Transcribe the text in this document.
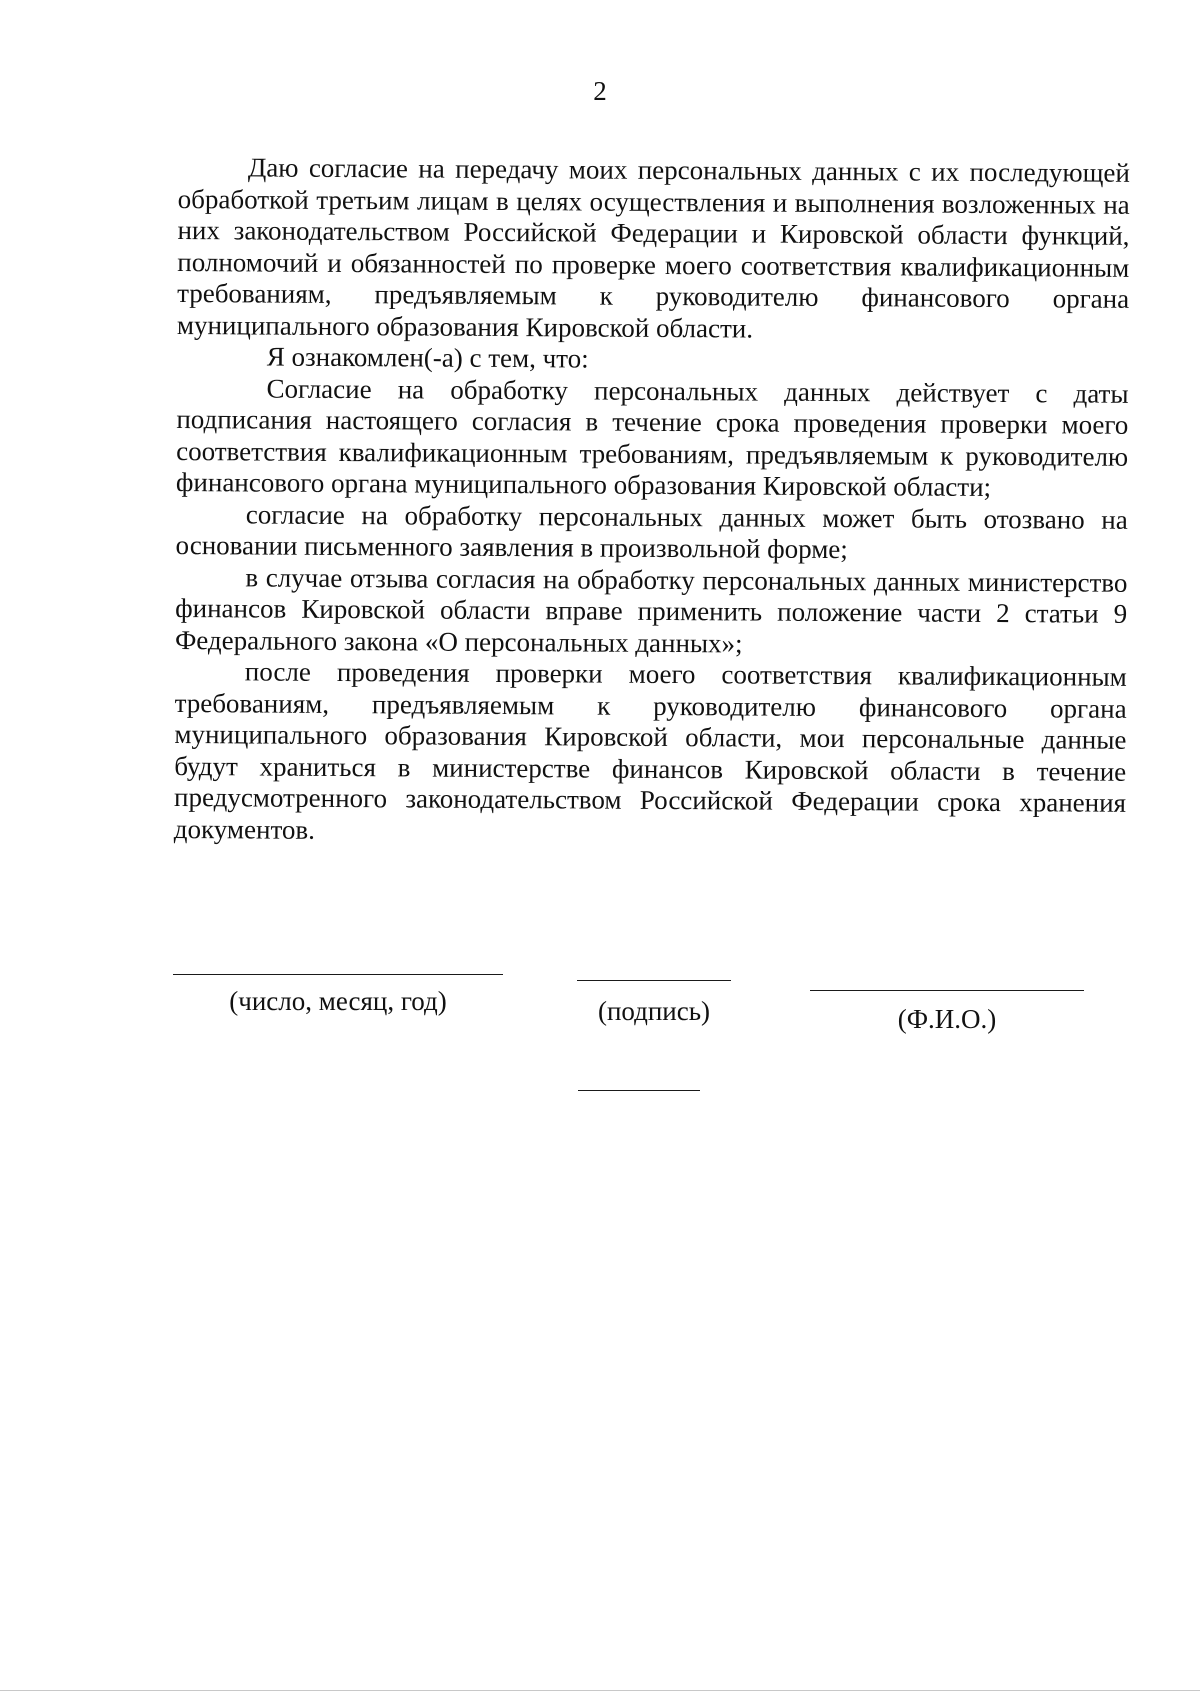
2

Даю согласие на передачу моих персональных данных с их последующей обработкой третьим лицам в целях осуществления и выполнения возложенных на них законодательством Российской Федерации и Кировской области функций, полномочий и обязанностей по проверке моего соответствия квалификационным требованиям, предъявляемым к руководителю финансового органа муниципального образования Кировской области.

Я ознакомлен(-а) с тем, что:

Согласие на обработку персональных данных действует с даты подписания настоящего согласия в течение срока проведения проверки моего соответствия квалификационным требованиям, предъявляемым к руководителю финансового органа муниципального образования Кировской области;

согласие на обработку персональных данных может быть отозвано на основании письменного заявления в произвольной форме;

в случае отзыва согласия на обработку персональных данных министерство финансов Кировской области вправе применить положение части 2 статьи 9 Федерального закона «О персональных данных»;

после проведения проверки моего соответствия квалификационным требованиям, предъявляемым к руководителю финансового органа муниципального образования Кировской области, мои персональные данные будут храниться в министерстве финансов Кировской области в течение предусмотренного законодательством Российской Федерации срока хранения документов.

(число, месяц, год)	(подпись)	(Ф.И.О.)
